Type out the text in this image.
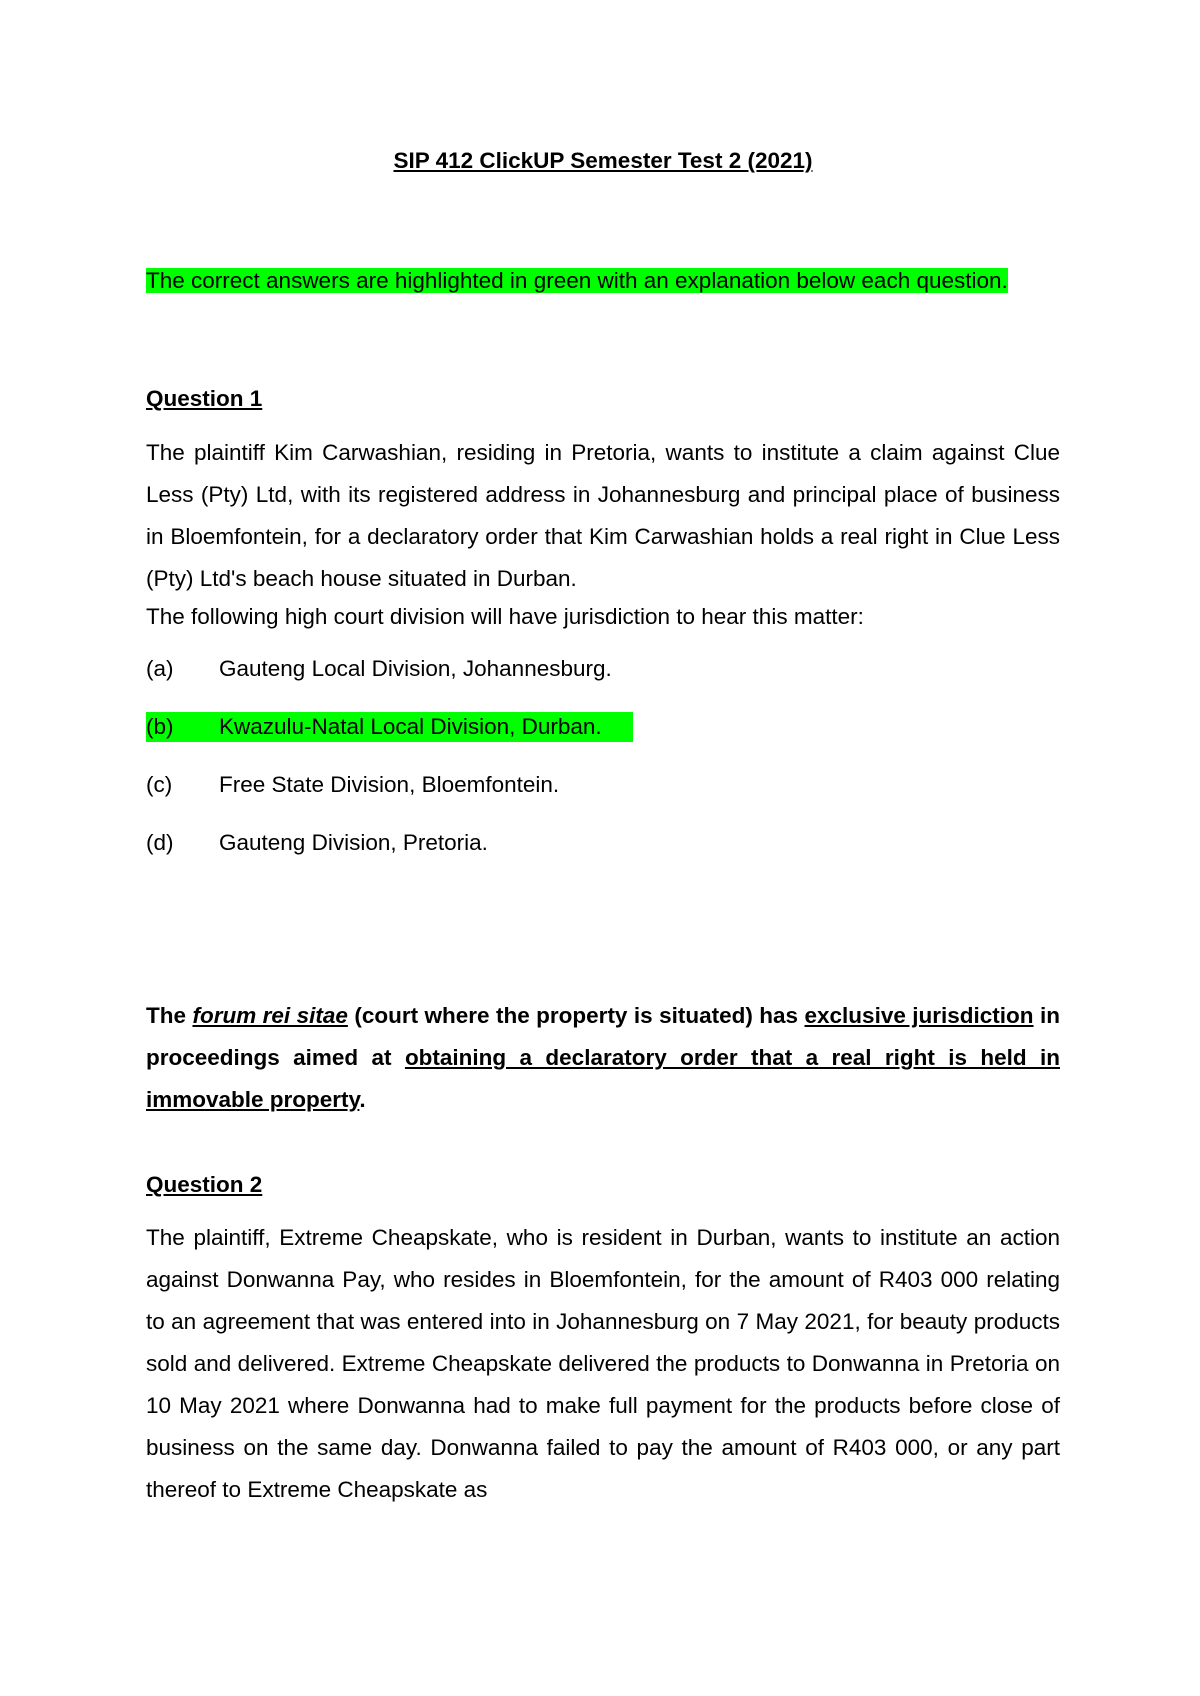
SIP 412 ClickUP Semester Test 2 (2021)
The correct answers are highlighted in green with an explanation below each question.
Question 1
The plaintiff Kim Carwashian, residing in Pretoria, wants to institute a claim against Clue Less (Pty) Ltd, with its registered address in Johannesburg and principal place of business in Bloemfontein, for a declaratory order that Kim Carwashian holds a real right in Clue Less (Pty) Ltd's beach house situated in Durban.
The following high court division will have jurisdiction to hear this matter:
(a) Gauteng Local Division, Johannesburg.
(b) Kwazulu-Natal Local Division, Durban.
(c) Free State Division, Bloemfontein.
(d) Gauteng Division, Pretoria.
The forum rei sitae (court where the property is situated) has exclusive jurisdiction in proceedings aimed at obtaining a declaratory order that a real right is held in immovable property.
Question 2
The plaintiff, Extreme Cheapskate, who is resident in Durban, wants to institute an action against Donwanna Pay, who resides in Bloemfontein, for the amount of R403 000 relating to an agreement that was entered into in Johannesburg on 7 May 2021, for beauty products sold and delivered. Extreme Cheapskate delivered the products to Donwanna in Pretoria on 10 May 2021 where Donwanna had to make full payment for the products before close of business on the same day. Donwanna failed to pay the amount of R403 000, or any part thereof to Extreme Cheapskate as
